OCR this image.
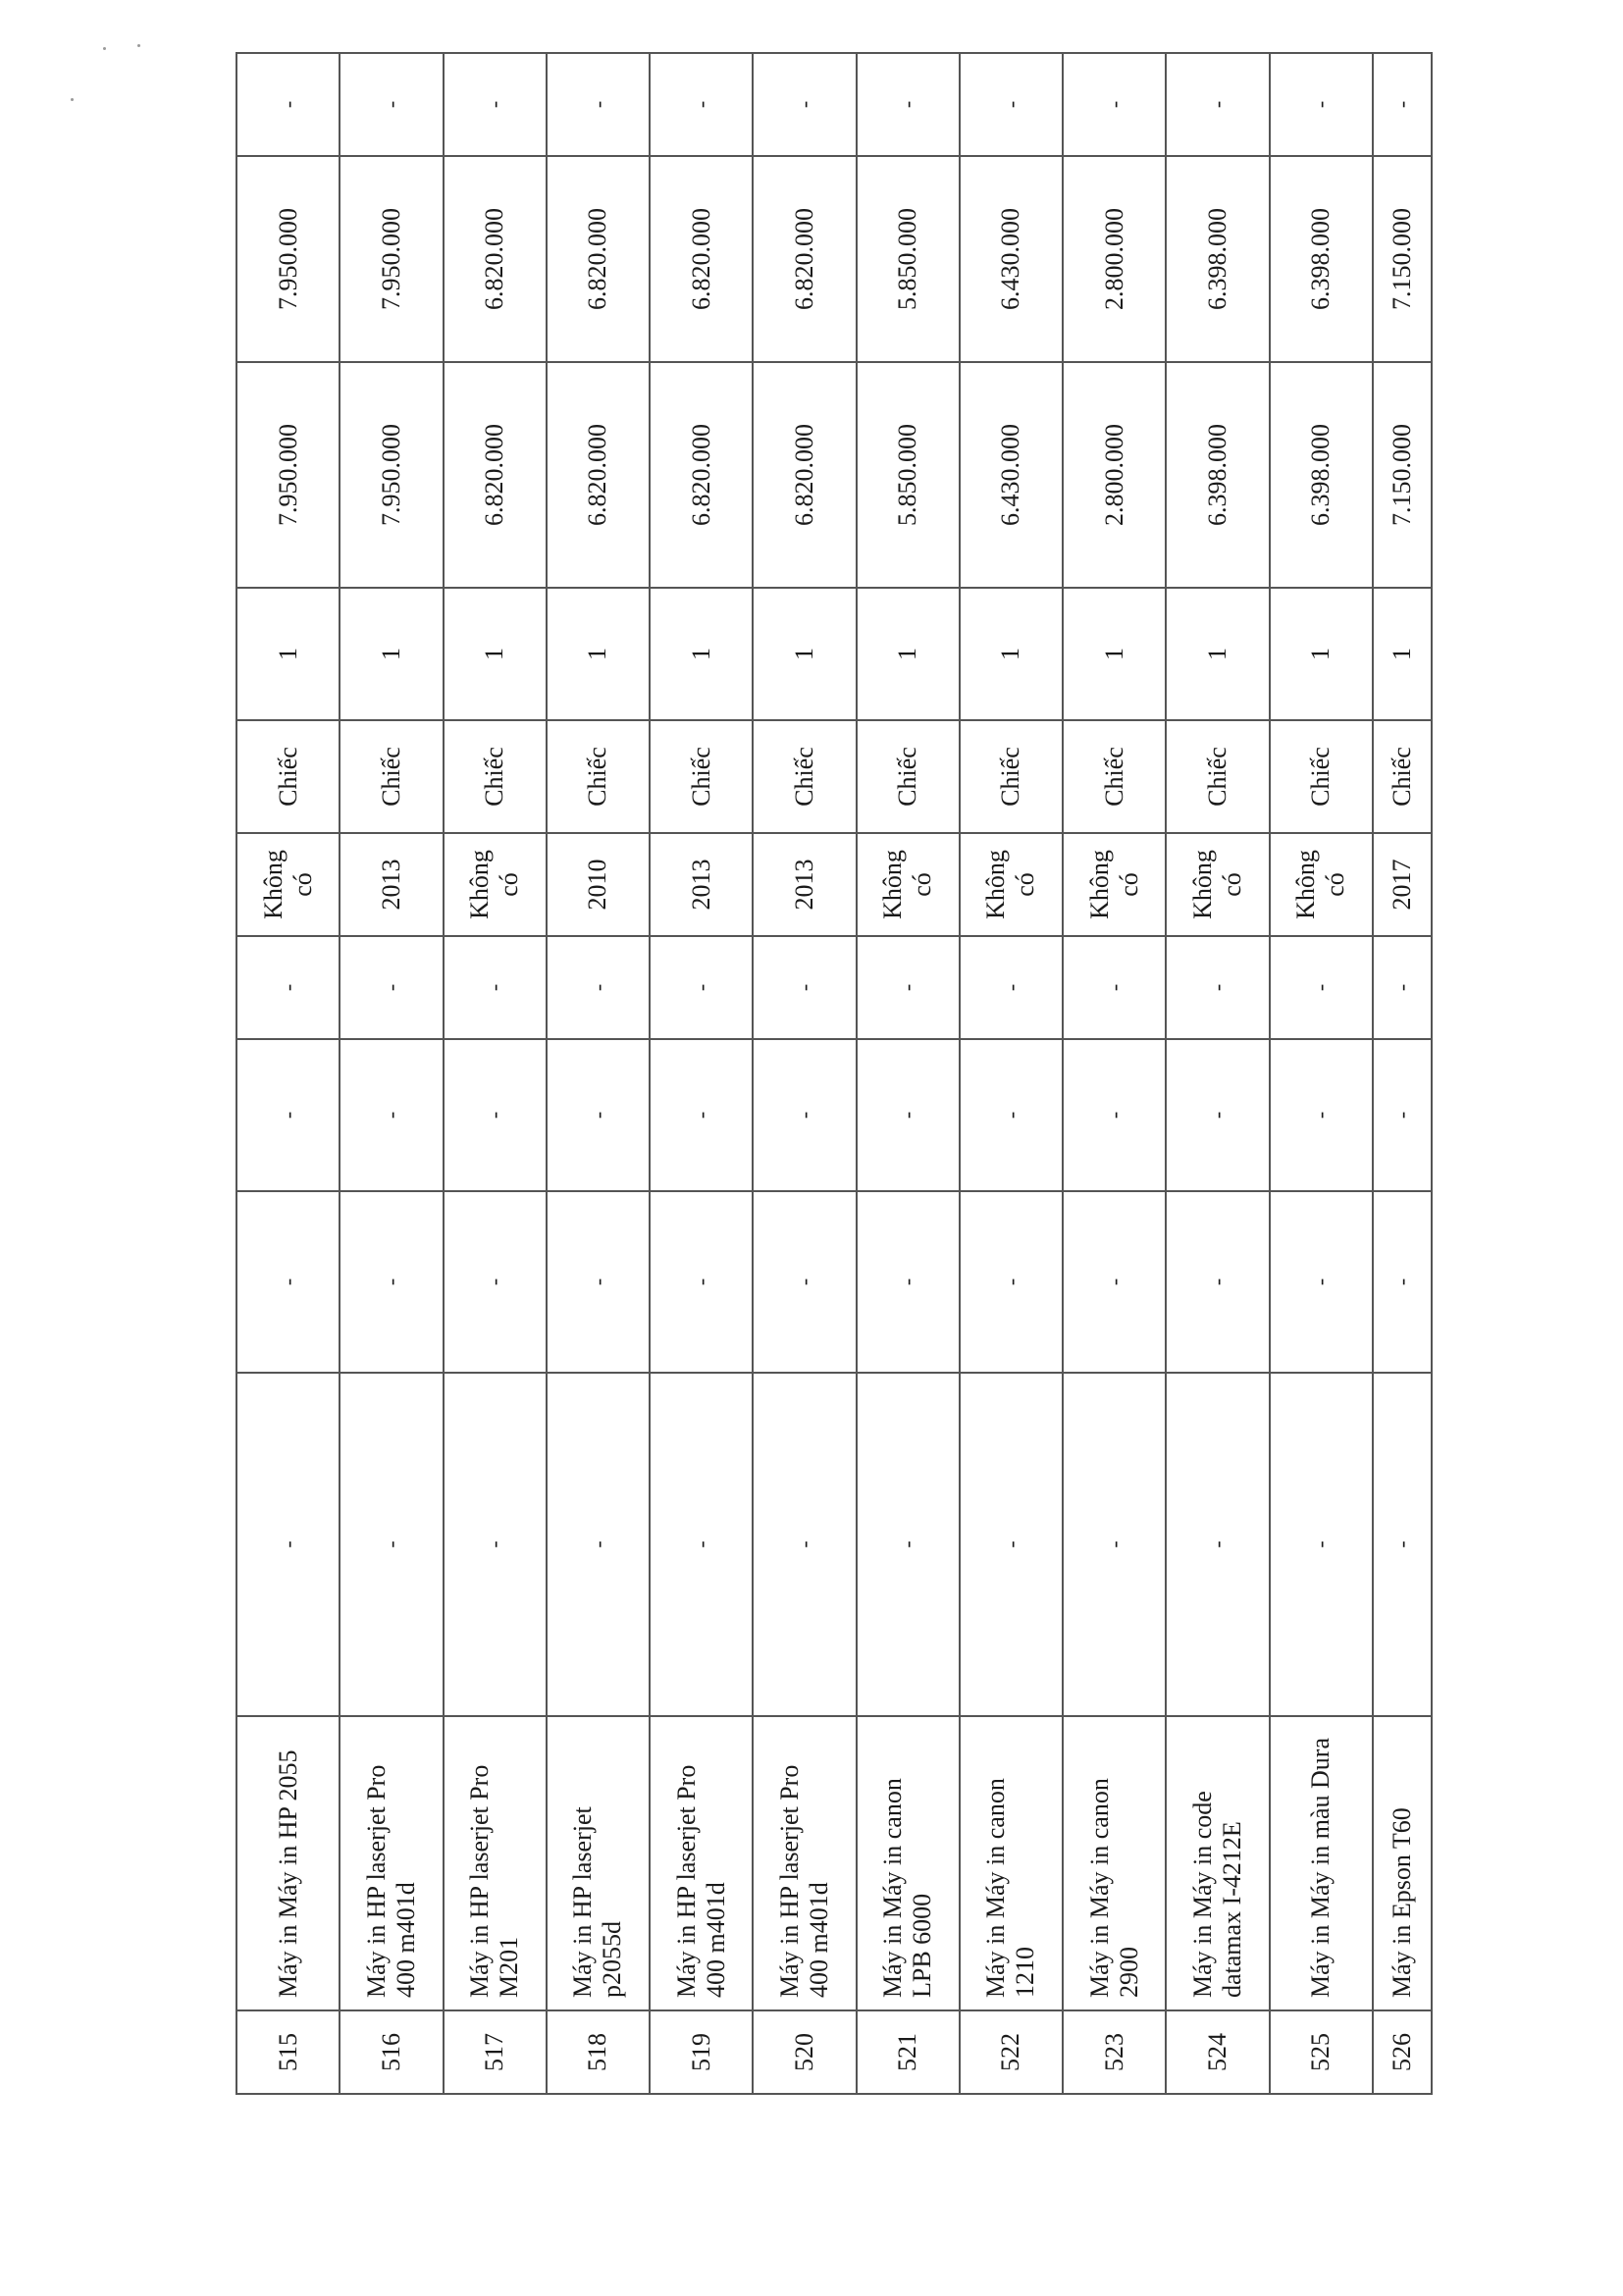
515	Máy in Máy in HP 2055	-	-	-	-	Không có	Chiếc	1	7.950.000	7.950.000	-
516	Máy in HP laserjet Pro 400 m401d	-	-	-	-	2013	Chiếc	1	7.950.000	7.950.000	-
517	Máy in HP laserjet Pro M201	-	-	-	-	Không có	Chiếc	1	6.820.000	6.820.000	-
518	Máy in HP laserjet p2055d	-	-	-	-	2010	Chiếc	1	6.820.000	6.820.000	-
519	Máy in HP laserjet Pro 400 m401d	-	-	-	-	2013	Chiếc	1	6.820.000	6.820.000	-
520	Máy in HP laserjet Pro 400 m401d	-	-	-	-	2013	Chiếc	1	6.820.000	6.820.000	-
521	Máy in Máy in canon LPB 6000	-	-	-	-	Không có	Chiếc	1	5.850.000	5.850.000	-
522	Máy in Máy in canon 1210	-	-	-	-	Không có	Chiếc	1	6.430.000	6.430.000	-
523	Máy in Máy in canon 2900	-	-	-	-	Không có	Chiếc	1	2.800.000	2.800.000	-
524	Máy in Máy in code datamax I-4212E	-	-	-	-	Không có	Chiếc	1	6.398.000	6.398.000	-
525	Máy in Máy in màu Dura	-	-	-	-	Không có	Chiếc	1	6.398.000	6.398.000	-
526	Máy in Epson T60	-	-	-	-	2017	Chiếc	1	7.150.000	7.150.000	-
